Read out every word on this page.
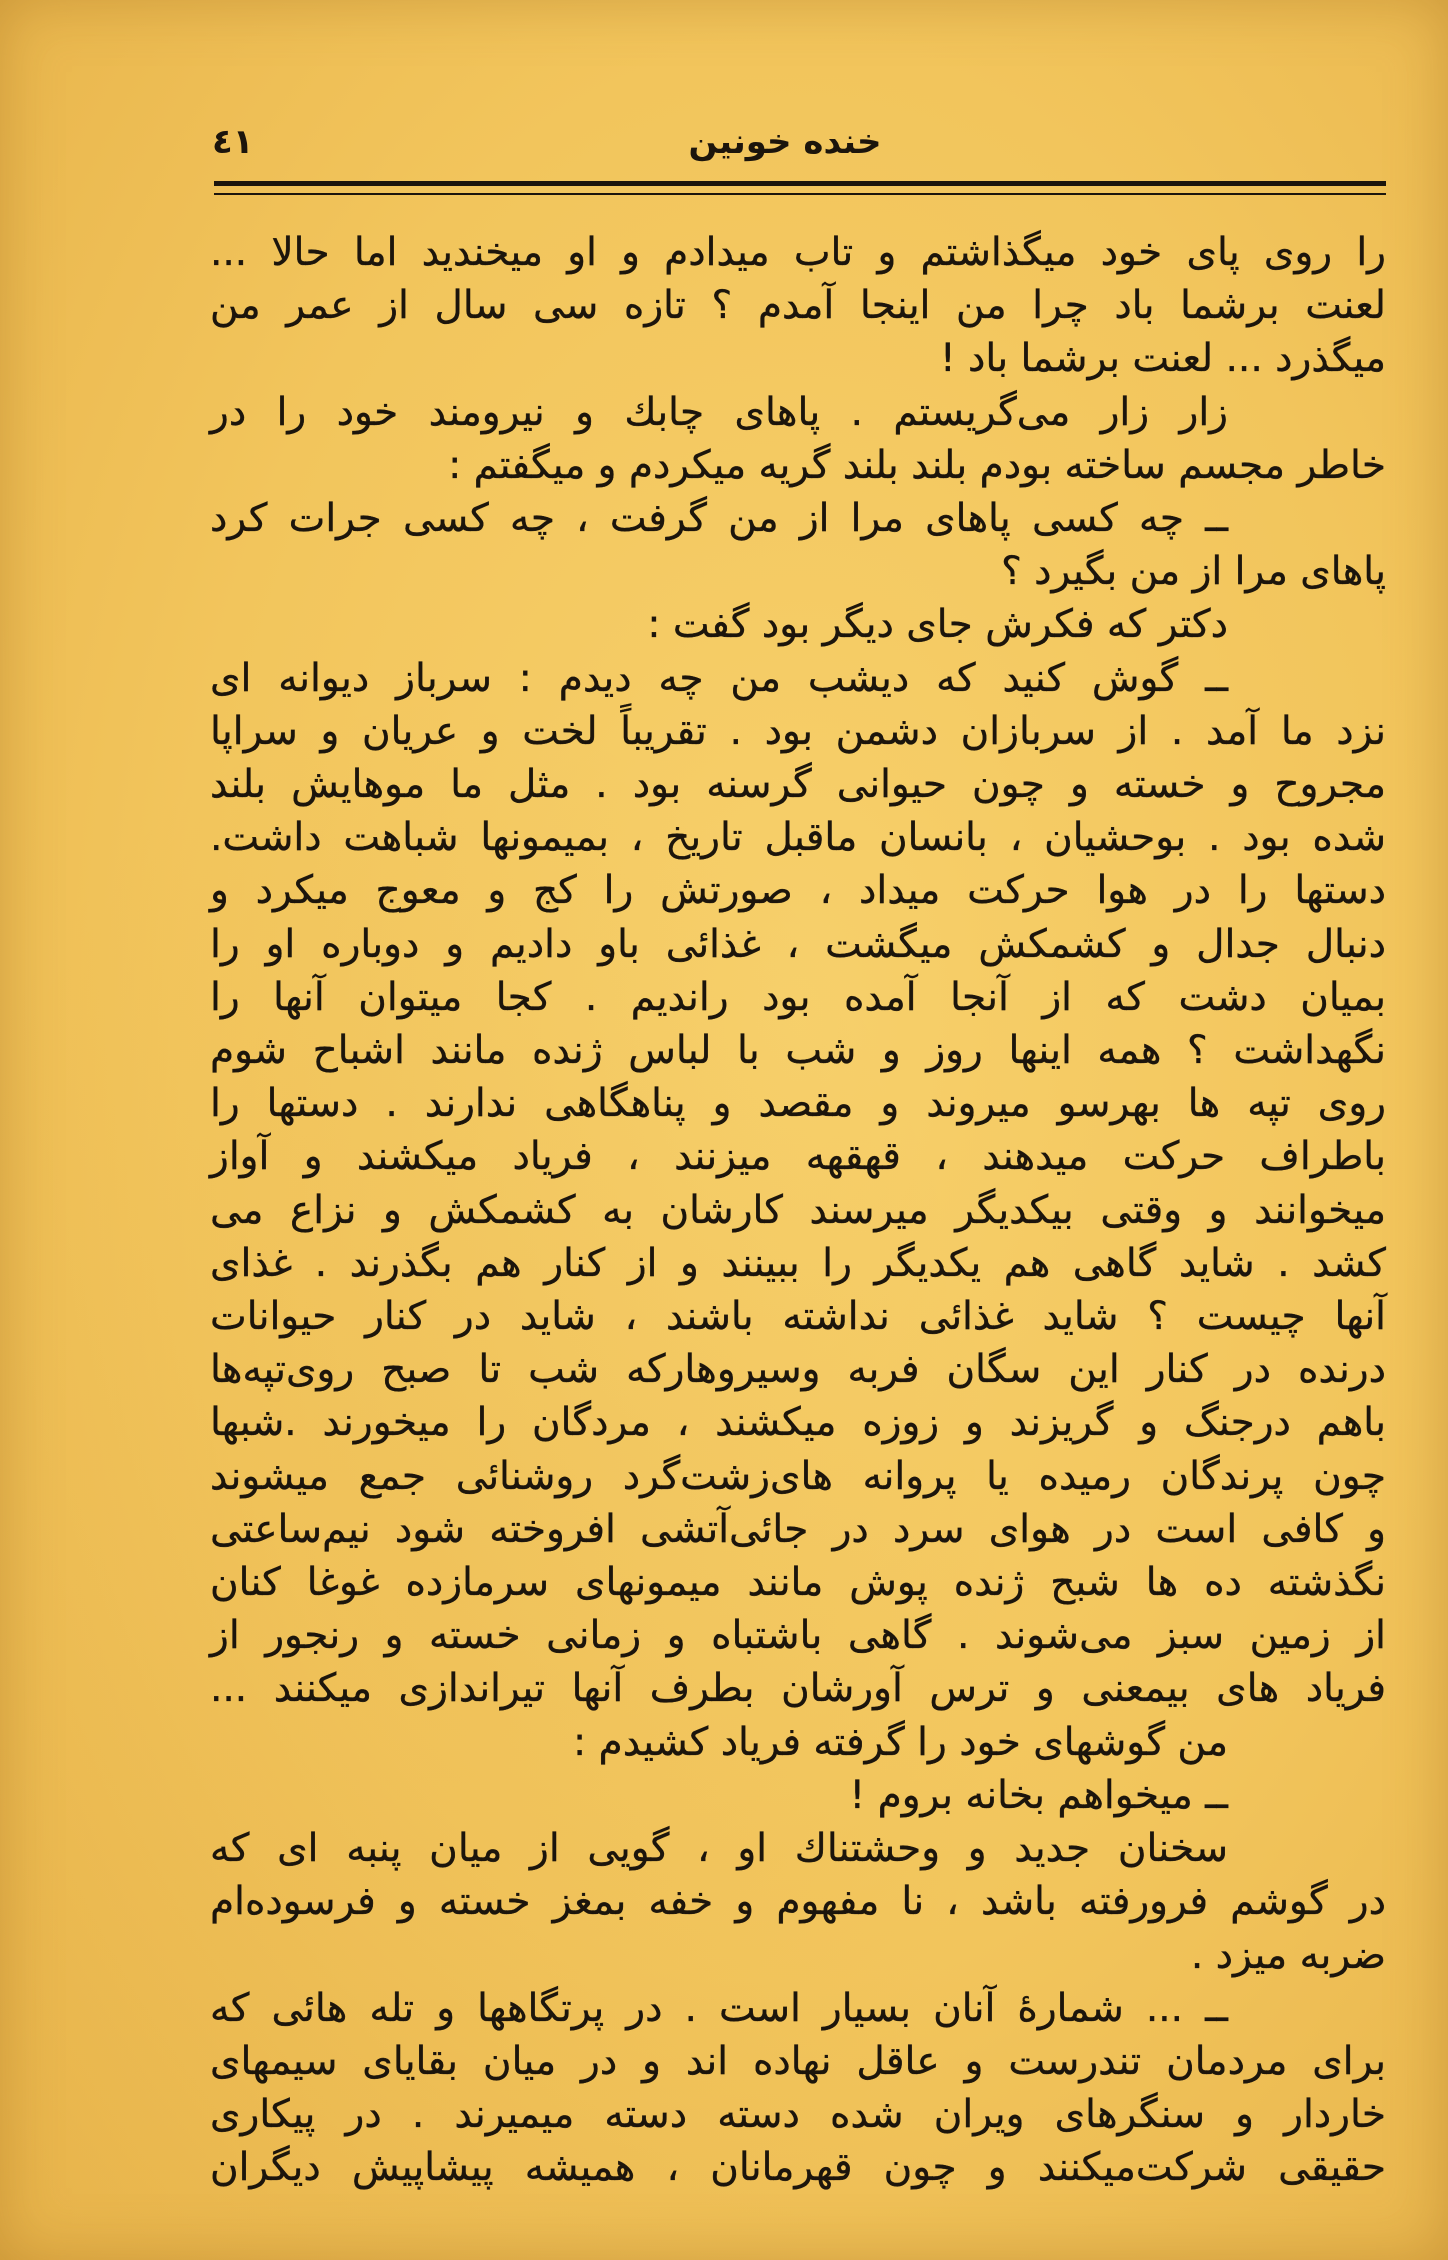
خنده خونین
٤١
را روی پای خود میگذاشتم و تاب میدادم و او میخندید اما حالا ...
لعنت برشما باد چرا من اینجا آمدم ؟ تازه سی سال از عمر من
میگذرد ... لعنت برشما باد !
زار زار می‌گریستم . پاهای چابك و نیرومند خود را در
خاطر مجسم ساخته بودم بلند بلند گریه میکردم و میگفتم :
ــ چه کسی پاهای مرا از من گرفت ، چه کسی جرات کرد
پاهای مرا از من بگیرد ؟
دکتر که فکرش جای دیگر بود گفت :
ــ گوش کنید که دیشب من چه دیدم : سرباز دیوانه ای
نزد ما آمد . از سربازان دشمن بود . تقریباً لخت و عریان و سراپا
مجروح و خسته و چون حیوانی گرسنه بود . مثل ما موهایش بلند
شده بود . بوحشیان ، بانسان ماقبل تاریخ ، بمیمونها شباهت داشت.
دستها را در هوا حرکت میداد ، صورتش را کج و معوج میکرد و
دنبال جدال و کشمکش میگشت ، غذائی باو دادیم و دوباره او را
بمیان دشت که از آنجا آمده بود راندیم . کجا میتوان آنها را
نگهداشت ؟ همه اینها روز و شب با لباس ژنده مانند اشباح شوم
روی تپه ها بهرسو میروند و مقصد و پناهگاهی ندارند . دستها را
باطراف حرکت میدهند ، قهقهه میزنند ، فریاد میکشند و آواز
میخوانند و وقتی بیکدیگر میرسند کارشان به کشمکش و نزاع می
کشد . شاید گاهی هم یکدیگر را ببینند و از کنار هم بگذرند . غذای
آنها چیست ؟ شاید غذائی نداشته باشند ، شاید در کنار حیوانات
درنده در کنار این سگان فربه وسیروهارکه شب تا صبح روی‌تپه‌ها
باهم درجنگ و گریزند و زوزه میکشند ، مردگان را میخورند .شبها
چون پرندگان رمیده یا پروانه های‌زشت‌گرد روشنائی جمع میشوند
و کافی است در هوای سرد در جائی‌آتشی افروخته شود نیم‌ساعتی
نگذشته ده ها شبح ژنده پوش مانند میمونهای سرمازده غوغا کنان
از زمین سبز می‌شوند . گاهی باشتباه و زمانی خسته و رنجور از
فریاد های بیمعنی و ترس آورشان بطرف آنها تیراندازی میکنند ...
من گوشهای خود را گرفته فریاد کشیدم :
ــ میخواهم بخانه بروم !
سخنان جدید و وحشتناك او ، گویی از میان پنبه ای که
در گوشم فرورفته باشد ، نا مفهوم و خفه بمغز خسته و فرسوده‌ام
ضربه میزد .
ــ ... شمارهٔ آنان بسیار است . در پرتگاهها و تله هائی که
برای مردمان تندرست و عاقل نهاده اند و در میان بقایای سیمهای
خاردار و سنگرهای ویران شده دسته دسته میمیرند . در پیکاری
حقیقی شرکت‌میکنند و چون قهرمانان ، همیشه پیشاپیش دیگران
